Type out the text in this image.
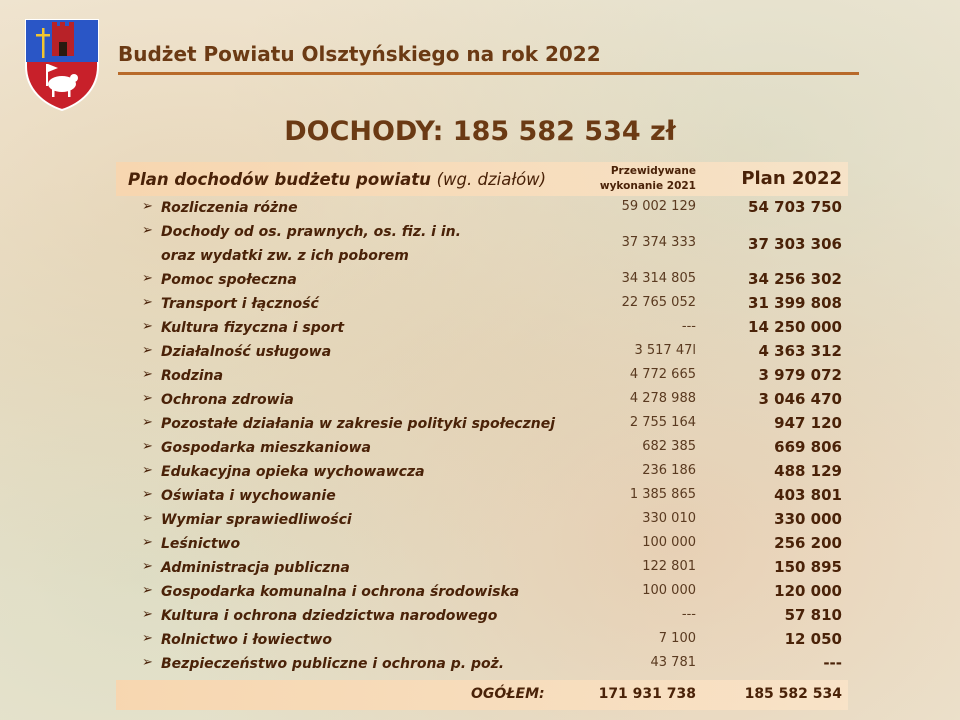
Budżet Powiatu Olsztyńskiego na rok 2022
DOCHODY: 185 582 534 zł
Plan dochodów budżetu powiatu (wg. działów)	Przewidywane wykonanie 2021	Plan 2022
➢ Rozliczenia różne	59 002 129	54 703 750
➢ Dochody od os. prawnych, os. fiz. i in. oraz wydatki zw. z ich poborem
37 374 333	37 303 306
➢ Pomoc społeczna	34 314 805	34 256 302
➢ Transport i łączność	22 765 052	31 399 808
➢ Kultura fizyczna i sport	---	14 250 000
➢ Działalność usługowa	3 517 47l	4 363 312
➢ Rodzina	4 772 665	3 979 072
➢ Ochrona zdrowia	4 278 988	3 046 470
➢ Pozostałe działania w zakresie polityki społecznej	2 755 164	947 120
➢ Gospodarka mieszkaniowa	682 385	669 806
➢ Edukacyjna opieka wychowawcza	236 186	488 129
➢ Oświata i wychowanie	1 385 865	403 801
➢ Wymiar sprawiedliwości	330 010	330 000
➢ Leśnictwo	100 000	256 200
➢ Administracja publiczna	122 801	150 895
➢ Gospodarka komunalna i ochrona środowiska	100 000	120 000
➢ Kultura i ochrona dziedzictwa narodowego	---	57 810
➢ Rolnictwo i łowiectwo	7 100	12 050
➢ Bezpieczeństwo publiczne i ochrona p. poż.	43 781	---
OGÓŁEM:	171 931 738	185 582 534
